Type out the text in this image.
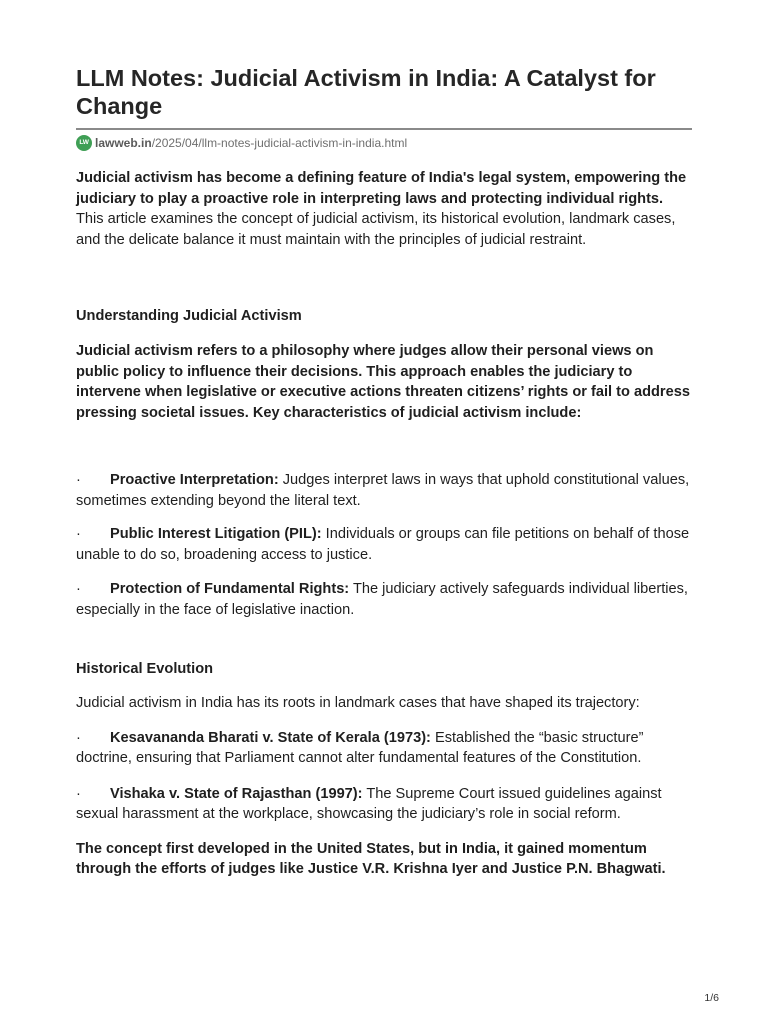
LLM Notes: Judicial Activism in India: A Catalyst for Change
LW lawweb.in /2025/04/llm-notes-judicial-activism-in-india.html

Judicial activism has become a defining feature of India's legal system, empowering the judiciary to play a proactive role in interpreting laws and protecting individual rights. This article examines the concept of judicial activism, its historical evolution, landmark cases, and the delicate balance it must maintain with the principles of judicial restraint.

Understanding Judicial Activism

Judicial activism refers to a philosophy where judges allow their personal views on public policy to influence their decisions. This approach enables the judiciary to intervene when legislative or executive actions threaten citizens’ rights or fail to address pressing societal issues. Key characteristics of judicial activism include:

· Proactive Interpretation: Judges interpret laws in ways that uphold constitutional values, sometimes extending beyond the literal text.

· Public Interest Litigation (PIL): Individuals or groups can file petitions on behalf of those unable to do so, broadening access to justice.

· Protection of Fundamental Rights: The judiciary actively safeguards individual liberties, especially in the face of legislative inaction.

Historical Evolution

Judicial activism in India has its roots in landmark cases that have shaped its trajectory:

· Kesavananda Bharati v. State of Kerala (1973): Established the “basic structure” doctrine, ensuring that Parliament cannot alter fundamental features of the Constitution.

· Vishaka v. State of Rajasthan (1997): The Supreme Court issued guidelines against sexual harassment at the workplace, showcasing the judiciary’s role in social reform.

The concept first developed in the United States, but in India, it gained momentum through the efforts of judges like Justice V.R. Krishna Iyer and Justice P.N. Bhagwati.

1/6
